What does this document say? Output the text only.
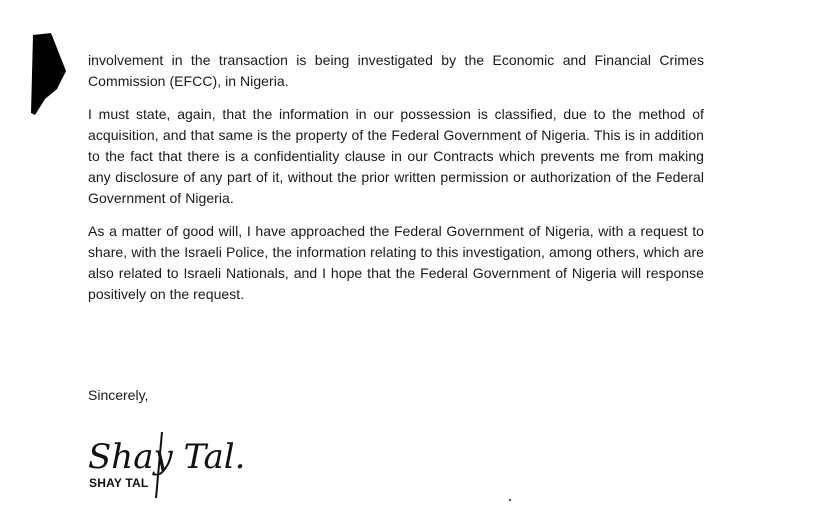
involvement in the transaction is being investigated by the Economic and Financial Crimes Commission (EFCC), in Nigeria.

I must state, again, that the information in our possession is classified, due to the method of acquisition, and that same is the property of the Federal Government of Nigeria. This is in addition to the fact that there is a confidentiality clause in our Contracts which prevents me from making any disclosure of any part of it, without the prior written permission or authorization of the Federal Government of Nigeria.

As a matter of good will, I have approached the Federal Government of Nigeria, with a request to share, with the Israeli Police, the information relating to this investigation, among others, which are also related to Israeli Nationals, and I hope that the Federal Government of Nigeria will response positively on the request.

Sincerely,
Shay Tal.
SHAY TAL
